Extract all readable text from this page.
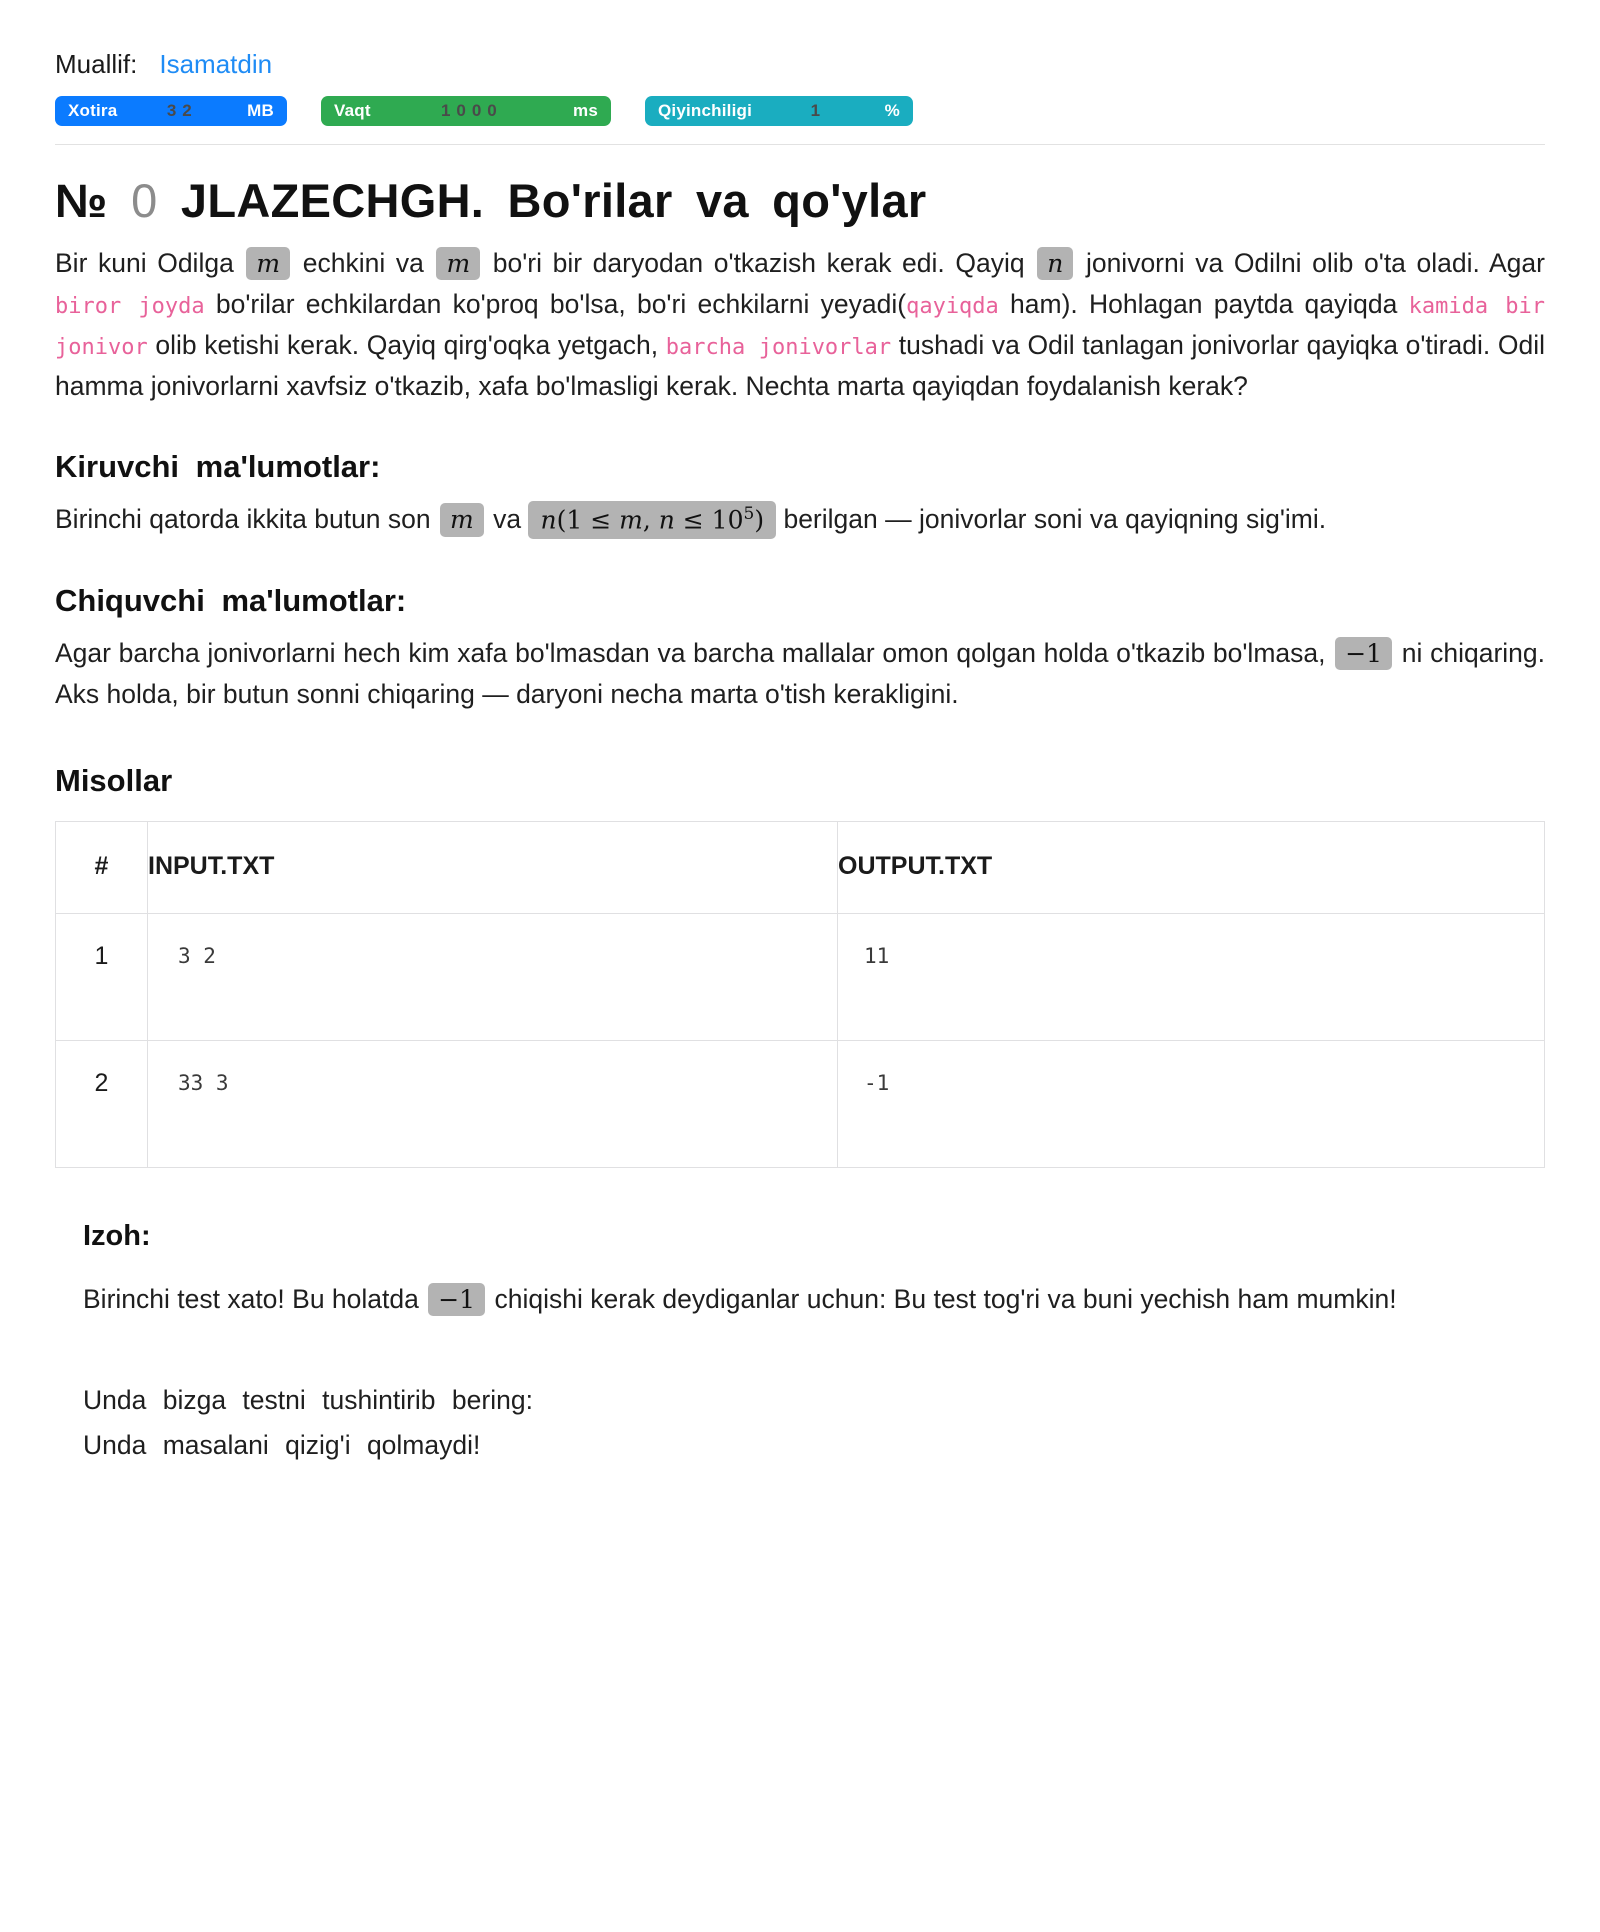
Muallif: Isamatdin
Xotira	32	MB	Vaqt	1000	ms	Qiyinchiligi	1	%
№ 0 JLAZECHGH. Bo'rilar va qo'ylar

Bir kuni Odilga m echkini va m bo'ri bir daryodan o'tkazish kerak edi. Qayiq n jonivorni va Odilni olib o'ta oladi. Agar biror joyda bo'rilar echkilardan ko'proq bo'lsa, bo'ri echkilarni yeyadi(qayiqda ham). Hohlagan paytda qayiqda kamida bir jonivor olib ketishi kerak. Qayiq qirg'oqka yetgach, barcha jonivorlar tushadi va Odil tanlagan jonivorlar qayiqka o'tiradi. Odil hamma jonivorlarni xavfsiz o'tkazib, xafa bo'lmasligi kerak. Nechta marta qayiqdan foydalanish kerak?

Kiruvchi ma'lumotlar:

Birinchi qatorda ikkita butun son m va n(1 ≤ m, $n \le 10^5$) berilgan — jonivorlar soni va qayiqning sig'imi.

Chiquvchi ma'lumotlar:

Agar barcha jonivorlarni hech kim xafa bo'lmasdan va barcha mallalar omon qolgan holda o'tkazib bo'lmasa, −1 ni chiqaring. Aks holda, bir butun sonni chiqaring — daryoni necha marta o'tish kerakligini.

Misollar
#	INPUT.TXT	OUTPUT.TXT
1	3 2	11
2	33 3	-1
Izoh:

Birinchi test xato! Bu holatda −1 chiqishi kerak deydiganlar uchun: Bu test tog'ri va buni yechish ham mumkin!

Unda bizga testni tushintirib bering:

Unda masalani qizig'i qolmaydi!
